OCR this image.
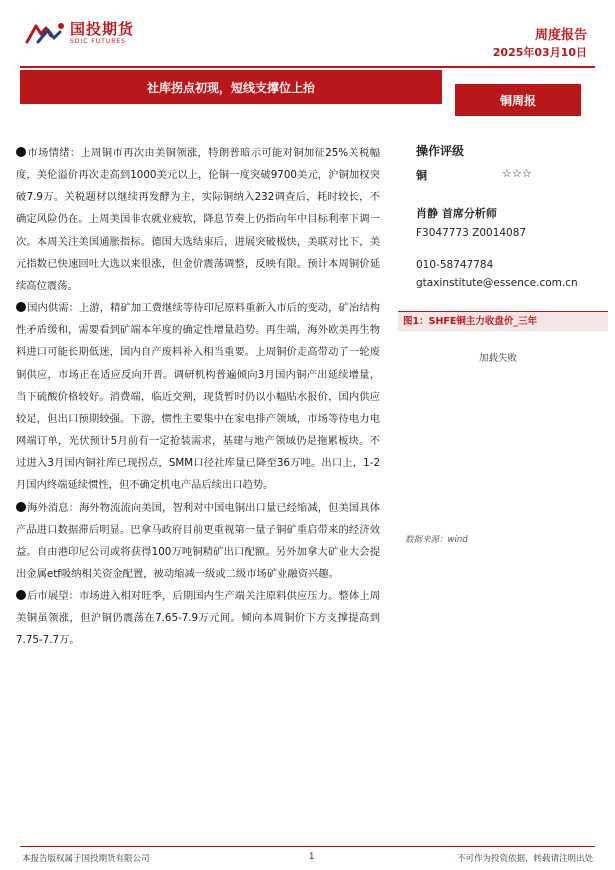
国投期货
SDIC FUTURES	周度报告
2025年03月10日
社库拐点初现，短线支撑位上抬
铜周报

市场情绪：上周铜市再次由美铜领涨，特朗普暗示可能对铜加征25%关税幅度，美伦溢价再次走高到1000美元以上，伦铜一度突破9700美元，沪铜加权突破7.9万。关税题材以继续再发酵为主，实际铜纳入232调查后，耗时较长，不确定风险仍在。上周美国非农就业疲软，降息节奏上仍指向年中目标利率下调一次。本周关注美国通胀指标。德国大选结束后，进展突破极快，美联对比下，美元指数已快速回吐大选以来很涨，但金价震荡调整，反映有限。预计本周铜价延续高位震荡。

国内供需：上游，精矿加工费继续等待印尼原料重新入市后的变动，矿冶结构性矛盾缓和，需要看到矿端本年度的确定性增量趋势。再生端，海外欧美再生物料进口可能长期低迷，国内自产废料补入相当重要。上周铜价走高带动了一轮废铜供应，市场正在适应反向开晋。调研机构普遍倾向3月国内铜产出延续增量，当下硫酸价格较好。消费端，临近交割，现货暂时仍以小幅贴水报价，国内供应较足，但出口预期较强。下游，惯性主要集中在家电排产领域，市场等待电力电网端订单，光伏预计5月前有一定抢装需求，基建与地产领域仍是拖累板块。不过进入3月国内铜社库已现拐点，SMM口径社库量已降至36万吨。出口上，1-2月国内终端延续惯性，但不确定机电产品后续出口趋势。

海外消息：海外物流流向美国，智利对中国电铜出口量已经缩减，但美国具体产品进口数据滞后明显。巴拿马政府目前更重视第一量子铜矿重启带来的经济效益。自由港印尼公司或将获得100万吨铜精矿出口配额。另外加拿大矿业大会提出金属etf吸纳相关资金配置，被动缩减一级或二级市场矿业融资兴趣。

后市展望：市场进入相对旺季，后期国内生产端关注原料供应压力。整体上周美铜虽领涨，但沪铜仍震荡在7.65-7.9万元间。倾向本周铜价下方支撑提高到7.75-7.7万。

操作评级
铜	☆☆☆
肖静 首席分析师
F3047773 Z0014087
010-58747784
gtaxinstitute@essence.com.cn
图1：SHFE铜主力收盘价_三年
加载失败
数据来源：wind
本报告版权属于国投期货有限公司	1	不可作为投资依据，转载请注明出处
